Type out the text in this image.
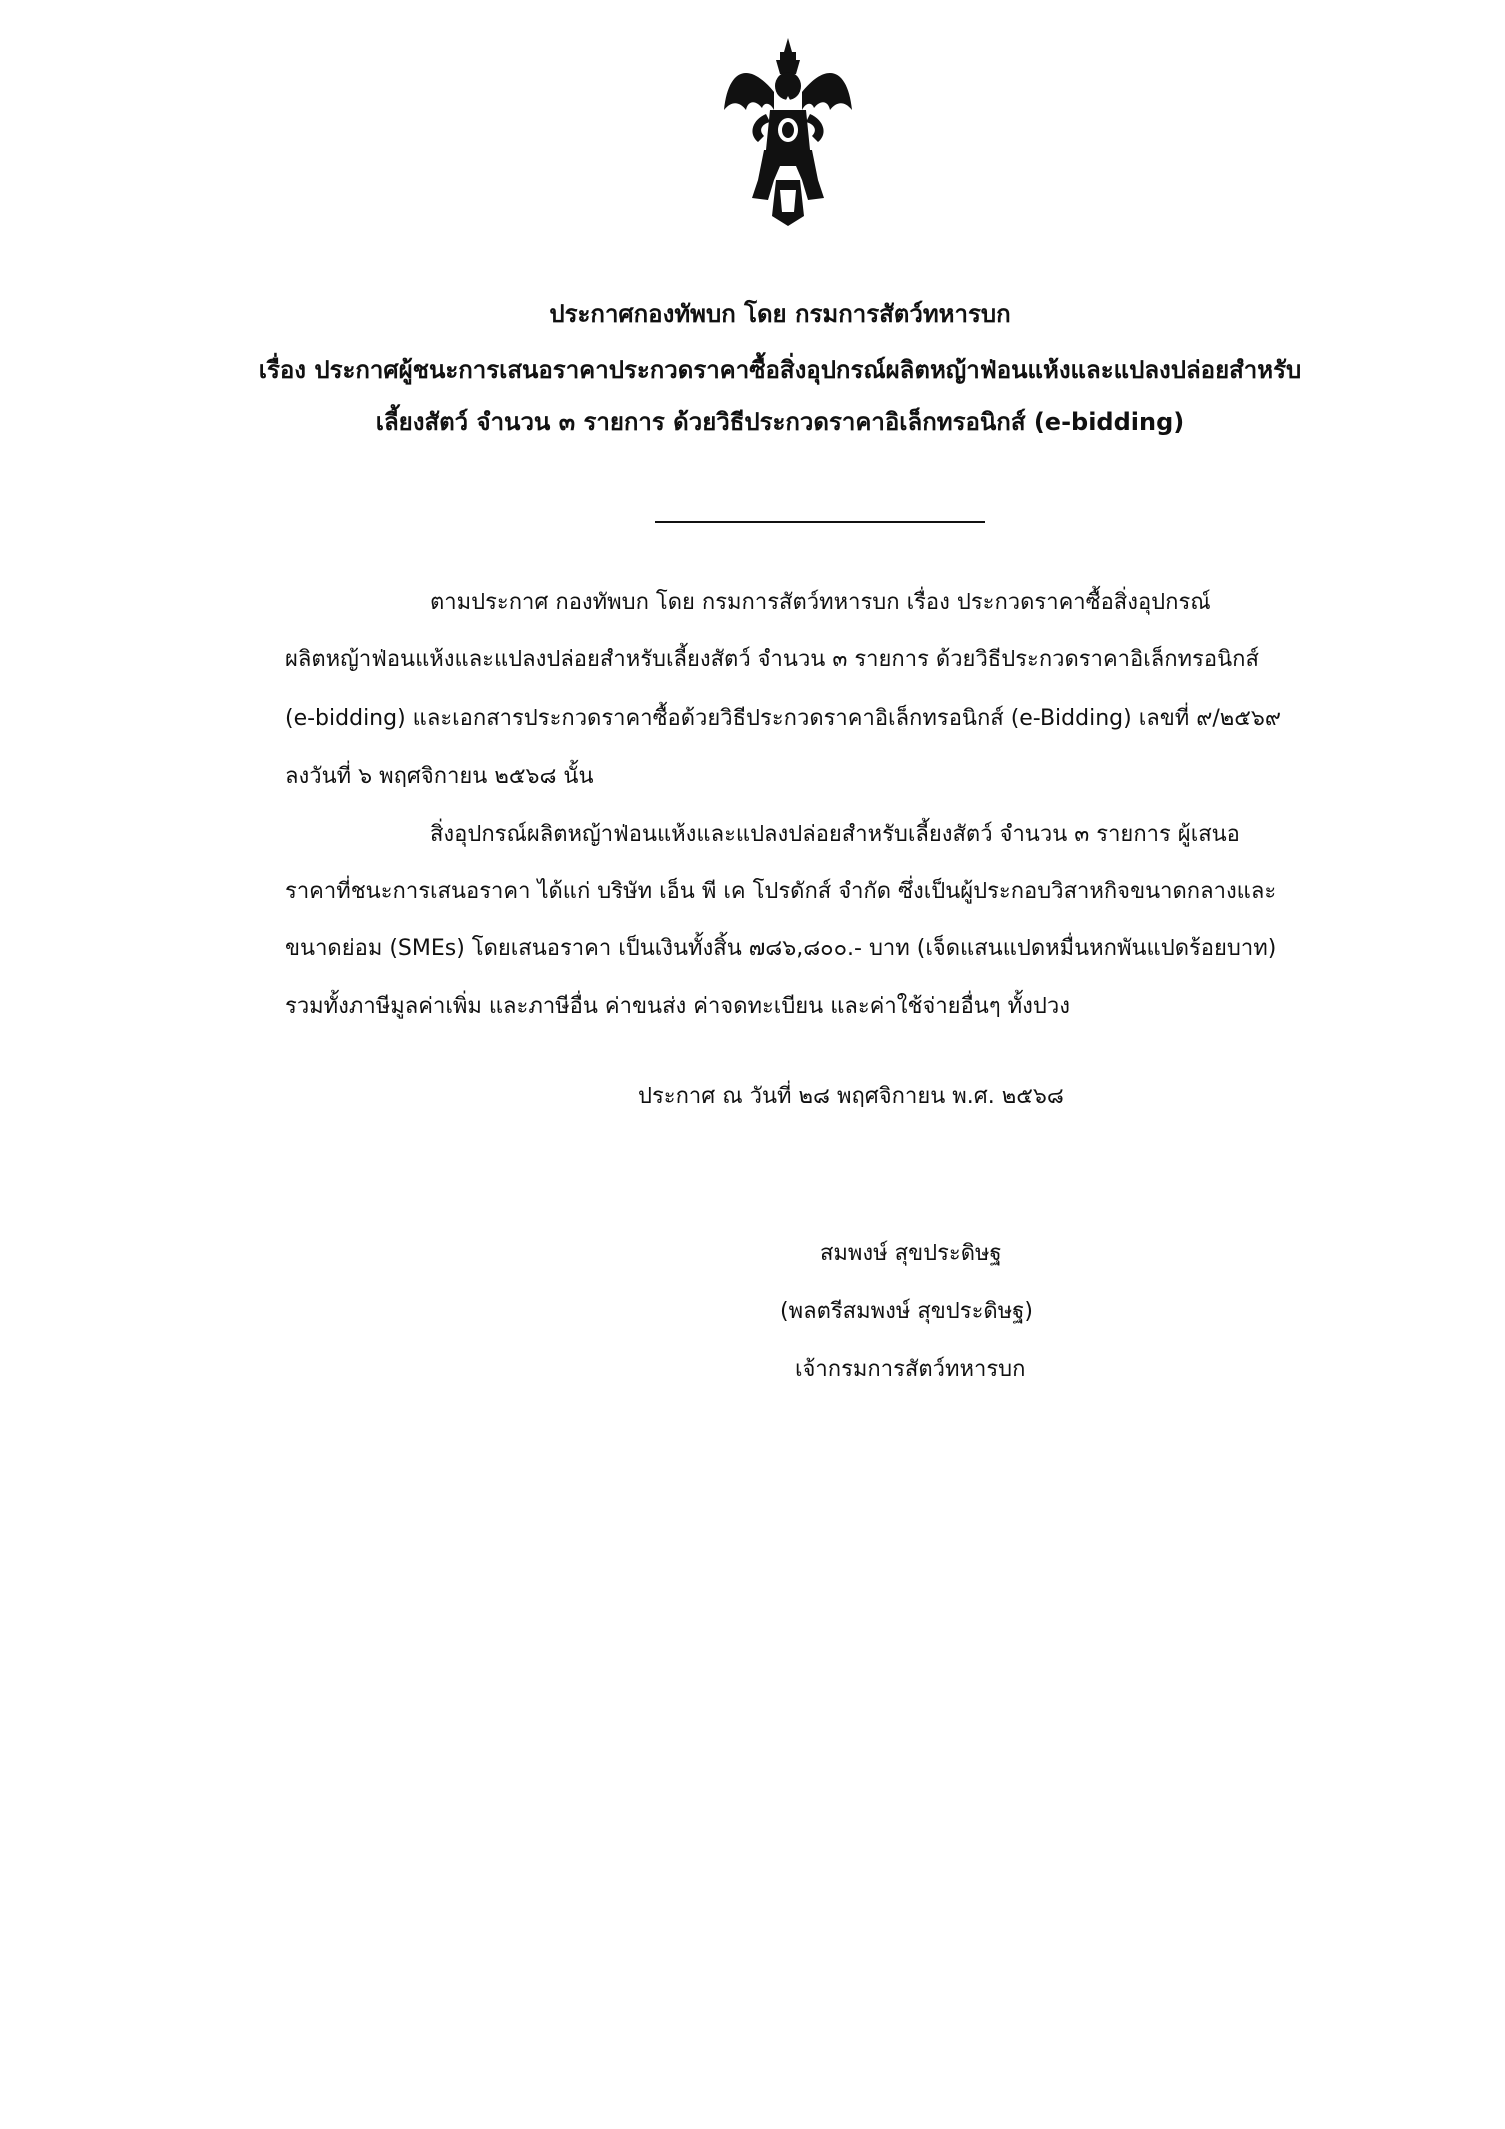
ประกาศกองทัพบก โดย กรมการสัตว์ทหารบก
เรื่อง ประกาศผู้ชนะการเสนอราคาประกวดราคาซื้อสิ่งอุปกรณ์ผลิตหญ้าฟ่อนแห้งและแปลงปล่อยสำหรับ
เลี้ยงสัตว์ จำนวน ๓ รายการ ด้วยวิธีประกวดราคาอิเล็กทรอนิกส์ (e-bidding)
ตามประกาศ กองทัพบก โดย กรมการสัตว์ทหารบก เรื่อง ประกวดราคาซื้อสิ่งอุปกรณ์
ผลิตหญ้าฟ่อนแห้งและแปลงปล่อยสำหรับเลี้ยงสัตว์ จำนวน ๓ รายการ ด้วยวิธีประกวดราคาอิเล็กทรอนิกส์
(e-bidding) และเอกสารประกวดราคาซื้อด้วยวิธีประกวดราคาอิเล็กทรอนิกส์ (e-Bidding) เลขที่ ๙/๒๕๖๙
ลงวันที่ ๖ พฤศจิกายน ๒๕๖๘ นั้น
สิ่งอุปกรณ์ผลิตหญ้าฟ่อนแห้งและแปลงปล่อยสำหรับเลี้ยงสัตว์ จำนวน ๓ รายการ ผู้เสนอ
ราคาที่ชนะการเสนอราคา ได้แก่ บริษัท เอ็น พี เค โปรดักส์ จำกัด ซึ่งเป็นผู้ประกอบวิสาหกิจขนาดกลางและ
ขนาดย่อม (SMEs) โดยเสนอราคา เป็นเงินทั้งสิ้น ๗๘๖,๘๐๐.- บาท (เจ็ดแสนแปดหมื่นหกพันแปดร้อยบาท)
รวมทั้งภาษีมูลค่าเพิ่ม และภาษีอื่น ค่าขนส่ง ค่าจดทะเบียน และค่าใช้จ่ายอื่นๆ ทั้งปวง
ประกาศ ณ วันที่ ๒๘ พฤศจิกายน พ.ศ. ๒๕๖๘
สมพงษ์ สุขประดิษฐ
(พลตรีสมพงษ์ สุขประดิษฐ)
เจ้ากรมการสัตว์ทหารบก
